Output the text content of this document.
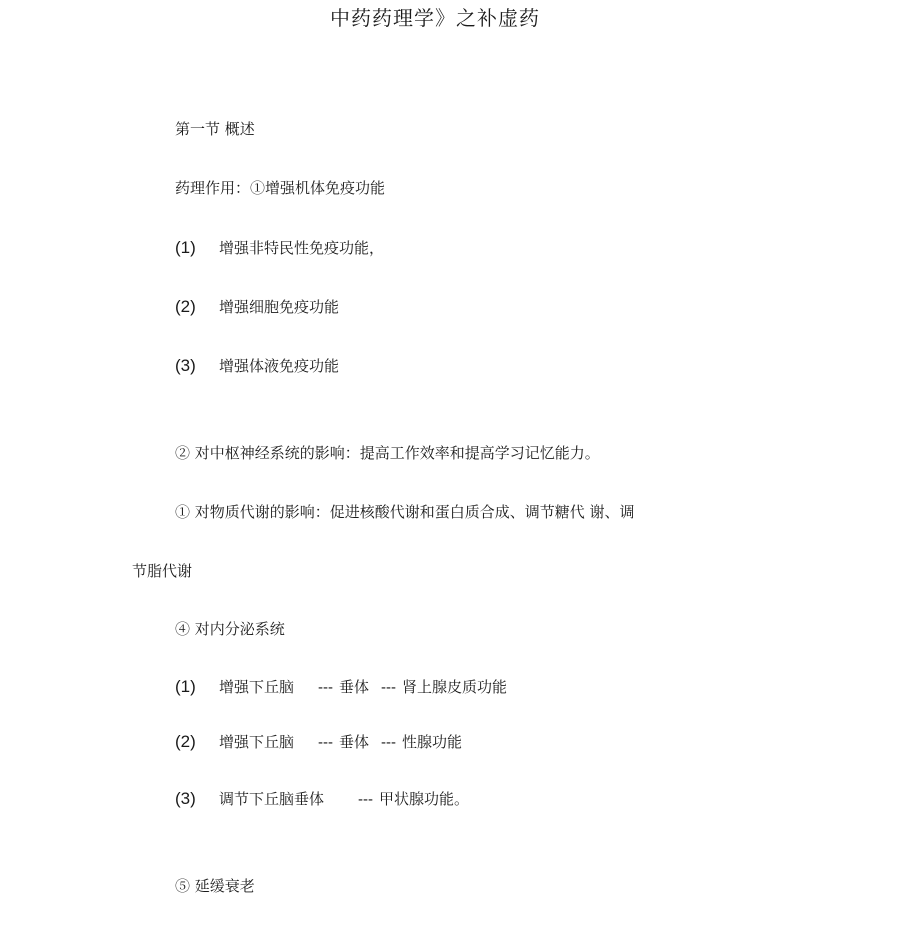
中药药理学》之补虚药
第一节 概述
药理作用：①增强机体免疫功能
(1) 增强非特民性免疫功能，
(2) 增强细胞免疫功能
(3) 增强体液免疫功能
② 对中枢神经系统的影响：提高工作效率和提高学习记忆能力。
① 对物质代谢的影响：促进核酸代谢和蛋白质合成、调节糖代 谢、调
节脂代谢
④ 对内分泌系统
(1) 增强下丘脑 --- 垂体 --- 肾上腺皮质功能
(2) 增强下丘脑 --- 垂体 --- 性腺功能
(3) 调节下丘脑垂体 --- 甲状腺功能。
⑤ 延缓衰老
